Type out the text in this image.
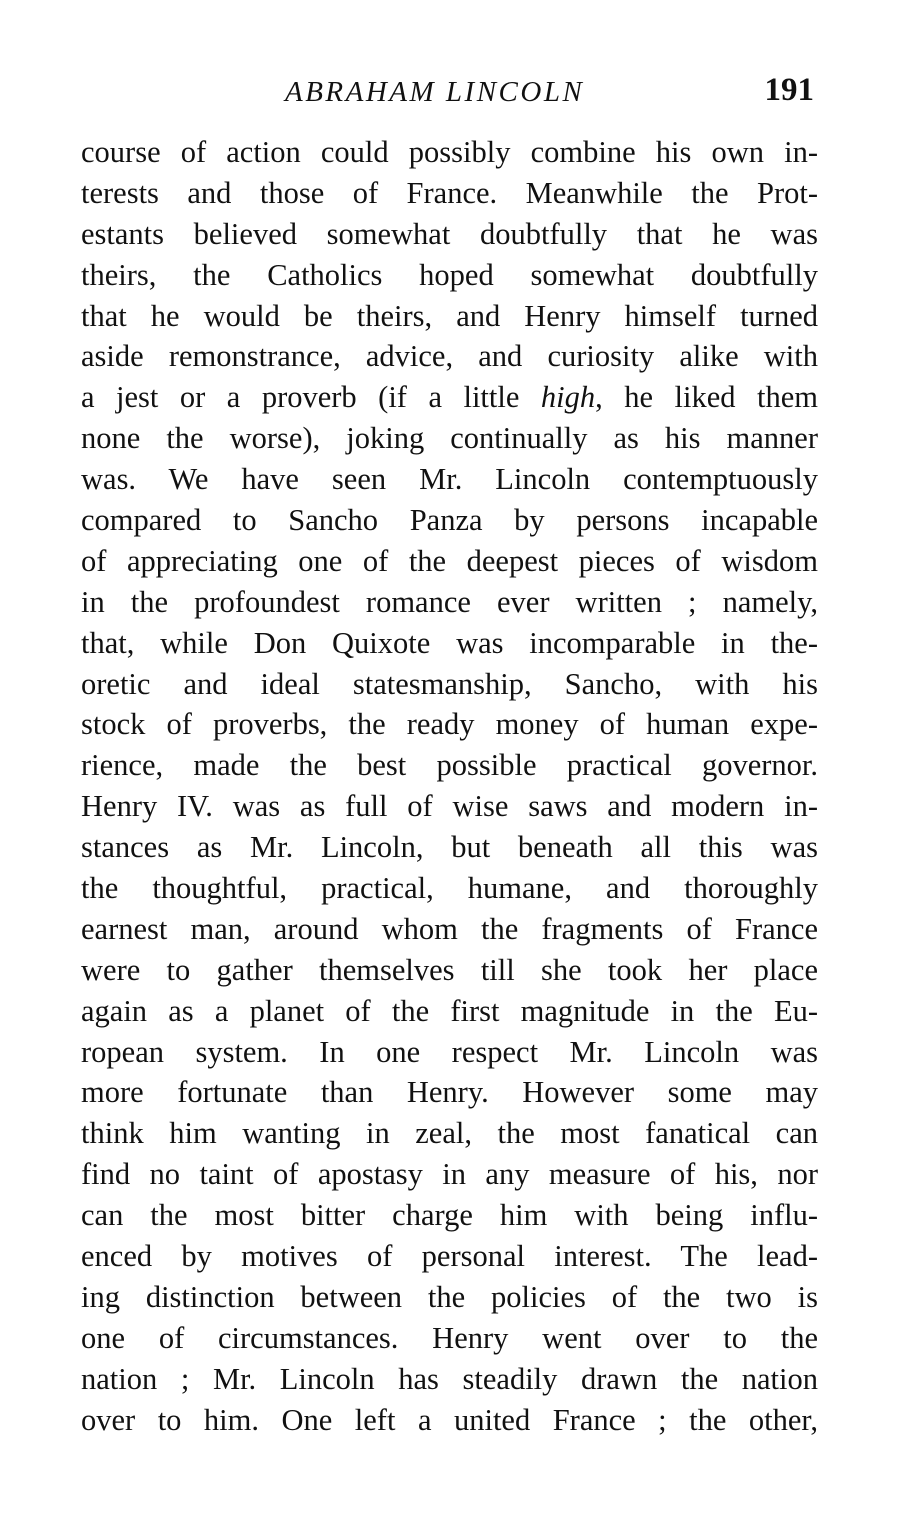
ABRAHAM LINCOLN	191
course of action could possibly combine his own in-
terests and those of France. Meanwhile the Prot-
estants believed somewhat doubtfully that he was
theirs, the Catholics hoped somewhat doubtfully
that he would be theirs, and Henry himself turned
aside remonstrance, advice, and curiosity alike with
a jest or a proverb (if a little high, he liked them
none the worse), joking continually as his manner
was. We have seen Mr. Lincoln contemptuously
compared to Sancho Panza by persons incapable
of appreciating one of the deepest pieces of wisdom
in the profoundest romance ever written ; namely,
that, while Don Quixote was incomparable in the-
oretic and ideal statesmanship, Sancho, with his
stock of proverbs, the ready money of human expe-
rience, made the best possible practical governor.
Henry IV. was as full of wise saws and modern in-
stances as Mr. Lincoln, but beneath all this was
the thoughtful, practical, humane, and thoroughly
earnest man, around whom the fragments of France
were to gather themselves till she took her place
again as a planet of the first magnitude in the Eu-
ropean system. In one respect Mr. Lincoln was
more fortunate than Henry. However some may
think him wanting in zeal, the most fanatical can
find no taint of apostasy in any measure of his, nor
can the most bitter charge him with being influ-
enced by motives of personal interest. The lead-
ing distinction between the policies of the two is
one of circumstances. Henry went over to the
nation ; Mr. Lincoln has steadily drawn the nation
over to him. One left a united France ; the other,
